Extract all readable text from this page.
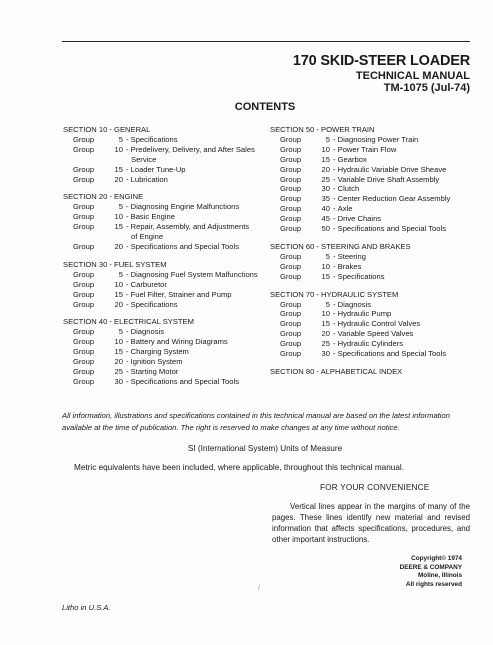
170 SKID-STEER LOADER
TECHNICAL MANUAL
TM-1075 (Jul-74)
CONTENTS
SECTION 10 - GENERAL
Group	5 - Specifications
Group	10 - Predelivery, Delivery, and After Sales
Service
Group	15 - Loader Tune-Up
Group	20 - Lubrication
SECTION 20 - ENGINE
Group	5 - Diagnosing Engine Malfunctions
Group	10 - Basic Engine
Group	15 - Repair, Assembly, and Adjustments
of Engine
Group	20 - Specifications and Special Tools
SECTION 30 - FUEL SYSTEM
Group	5 - Diagnosing Fuel System Malfunctions
Group	10 - Carburetor
Group	15 - Fuel Filter, Strainer and Pump
Group	20 - Specifications
SECTION 40 - ELECTRICAL SYSTEM
Group	5 - Diagnosis
Group	10 - Battery and Wiring Diagrams
Group	15 - Charging System
Group	20 - Ignition System
Group	25 - Starting Motor
Group	30 - Specifications and Special Tools
SECTION 50 - POWER TRAIN
Group	5 - Diagnosing Power Train
Group	10 - Power Train Flow
Group	15 - Gearbox
Group	20 - Hydraulic Variable Drive Sheave
Group	25 - Variable Drive Shaft Assembly
Group	30 - Clutch
Group	35 - Center Reduction Gear Assembly
Group	40 - Axle
Group	45 - Drive Chains
Group	50 - Specifications and Special Tools
SECTION 60 - STEERING AND BRAKES
Group	5 - Steering
Group	10 - Brakes
Group	15 - Specifications
SECTION 70 - HYDRAULIC SYSTEM
Group	5 - Diagnosis
Group	10 - Hydraulic Pump
Group	15 - Hydraulic Control Valves
Group	20 - Variable Speed Valves
Group	25 - Hydraulic Cylinders
Group	30 - Specifications and Special Tools
SECTION 80 - ALPHABETICAL INDEX
All information, illustrations and specifications contained in this technical manual are based on the latest information available at the time of publication. The right is reserved to make changes at any time without notice.
SI (International System) Units of Measure
Metric equivalents have been included, where applicable, throughout this technical manual.
FOR YOUR CONVENIENCE
Vertical lines appear in the margins of many of the pages. These lines identify new material and revised information that affects specifications, procedures, and other important instructions.
Copyright© 1974
DEERE & COMPANY
Moline, Illinois
All rights reserved
Litho in U.S.A.
/
